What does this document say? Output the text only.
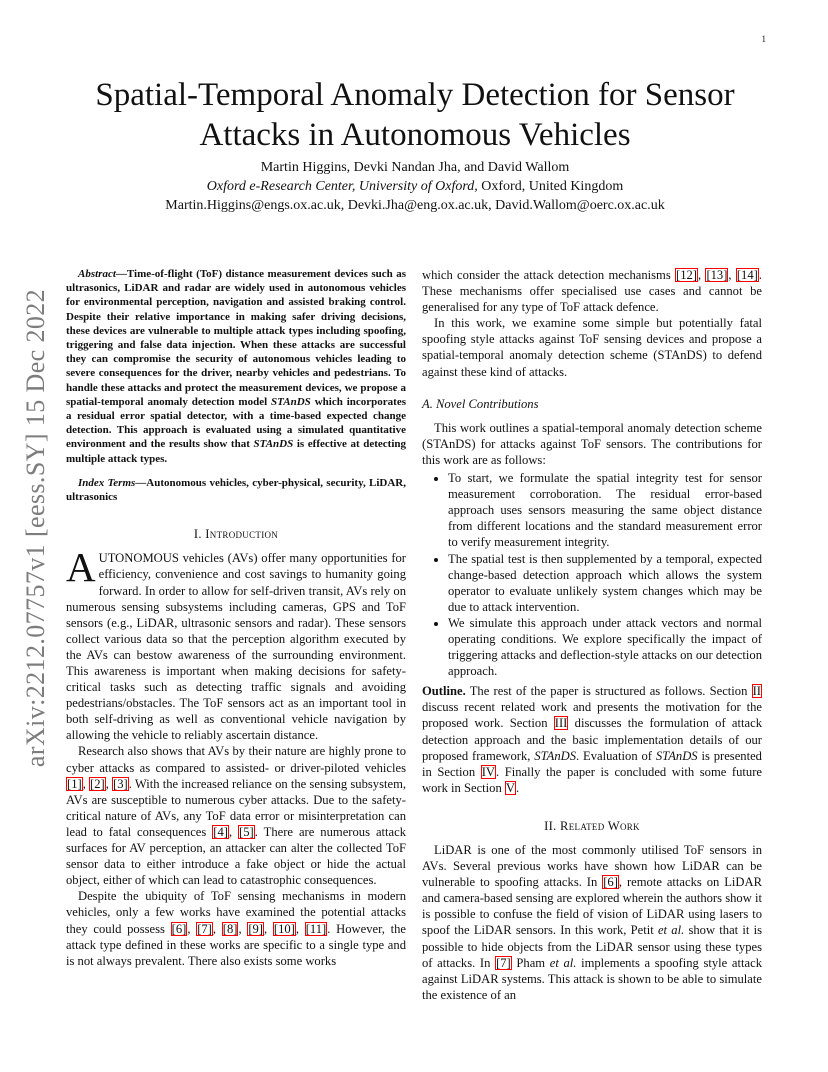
1
arXiv:2212.07757v1 [eess.SY] 15 Dec 2022
Spatial-Temporal Anomaly Detection for Sensor Attacks in Autonomous Vehicles
Martin Higgins, Devki Nandan Jha, and David Wallom
Oxford e-Research Center, University of Oxford, Oxford, United Kingdom
Martin.Higgins@engs.ox.ac.uk, Devki.Jha@eng.ox.ac.uk, David.Wallom@oerc.ox.ac.uk

Abstract—Time-of-flight (ToF) distance measurement devices such as ultrasonics, LiDAR and radar are widely used in autonomous vehicles for environmental perception, navigation and assisted braking control. Despite their relative importance in making safer driving decisions, these devices are vulnerable to multiple attack types including spoofing, triggering and false data injection. When these attacks are successful they can compromise the security of autonomous vehicles leading to severe consequences for the driver, nearby vehicles and pedestrians. To handle these attacks and protect the measurement devices, we propose a spatial-temporal anomaly detection model STAnDS which incorporates a residual error spatial detector, with a time-based expected change detection. This approach is evaluated using a simulated quantitative environment and the results show that STAnDS is effective at detecting multiple attack types.

Index Terms—Autonomous vehicles, cyber-physical, security, LiDAR, ultrasonics

I. Introduction

AUTONOMOUS vehicles (AVs) offer many opportunities for efficiency, convenience and cost savings to humanity going forward. In order to allow for self-driven transit, AVs rely on numerous sensing subsystems including cameras, GPS and ToF sensors (e.g., LiDAR, ultrasonic sensors and radar). These sensors collect various data so that the perception algorithm executed by the AVs can bestow awareness of the surrounding environment. This awareness is important when making decisions for safety-critical tasks such as detecting traffic signals and avoiding pedestrians/obstacles. The ToF sensors act as an important tool in both self-driving as well as conventional vehicle navigation by allowing the vehicle to reliably ascertain distance.

Research also shows that AVs by their nature are highly prone to cyber attacks as compared to assisted- or driver-piloted vehicles [1], [2], [3]. With the increased reliance on the sensing subsystem, AVs are susceptible to numerous cyber attacks. Due to the safety-critical nature of AVs, any ToF data error or misinterpretation can lead to fatal consequences [4], [5]. There are numerous attack surfaces for AV perception, an attacker can alter the collected ToF sensor data to either introduce a fake object or hide the actual object, either of which can lead to catastrophic consequences.

Despite the ubiquity of ToF sensing mechanisms in modern vehicles, only a few works have examined the potential attacks they could possess [6], [7], [8], [9], [10], [11]. However, the attack type defined in these works are specific to a single type and is not always prevalent. There also exists some works

which consider the attack detection mechanisms [12], [13], [14]. These mechanisms offer specialised use cases and cannot be generalised for any type of ToF attack defence.

In this work, we examine some simple but potentially fatal spoofing style attacks against ToF sensing devices and propose a spatial-temporal anomaly detection scheme (STAnDS) to defend against these kind of attacks.

A. Novel Contributions

This work outlines a spatial-temporal anomaly detection scheme (STAnDS) for attacks against ToF sensors. The contributions for this work are as follows:

• To start, we formulate the spatial integrity test for sensor measurement corroboration. The residual error-based approach uses sensors measuring the same object distance from different locations and the standard measurement error to verify measurement integrity.
• The spatial test is then supplemented by a temporal, expected change-based detection approach which allows the system operator to evaluate unlikely system changes which may be due to attack intervention.
• We simulate this approach under attack vectors and normal operating conditions. We explore specifically the impact of triggering attacks and deflection-style attacks on our detection approach.

Outline. The rest of the paper is structured as follows. Section II discuss recent related work and presents the motivation for the proposed work. Section III discusses the formulation of attack detection approach and the basic implementation details of our proposed framework, STAnDS. Evaluation of STAnDS is presented in Section IV. Finally the paper is concluded with some future work in Section V.

II. Related Work

LiDAR is one of the most commonly utilised ToF sensors in AVs. Several previous works have shown how LiDAR can be vulnerable to spoofing attacks. In [6], remote attacks on LiDAR and camera-based sensing are explored wherein the authors show it is possible to confuse the field of vision of LiDAR using lasers to spoof the LiDAR sensors. In this work, Petit et al. show that it is possible to hide objects from the LiDAR sensor using these types of attacks. In [7] Pham et al. implements a spoofing style attack against LiDAR systems. This attack is shown to be able to simulate the existence of an
